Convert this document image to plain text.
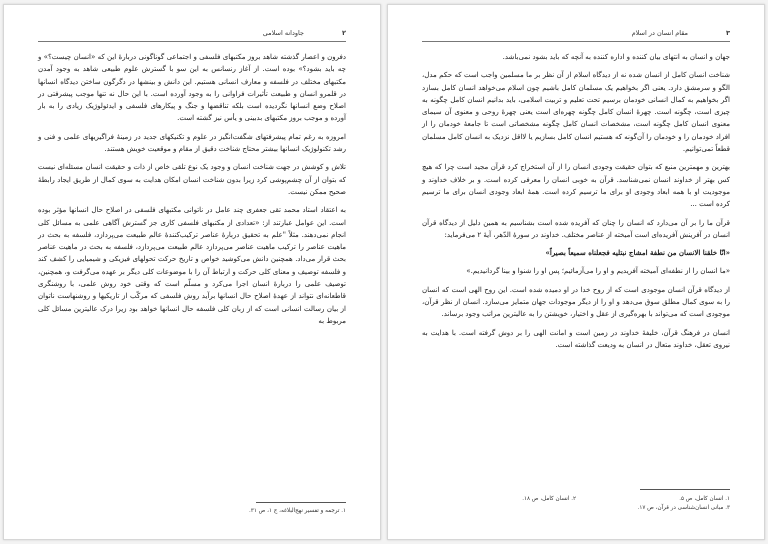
٢
جاودانه اسلامی

دفرون و اعصار گذشته شاهد بروز مکتبهای فلسفی و اجتماعی گوناگونی دربارهٔ این که «انسان چیست؟» و چه باید بشود؟» بوده است. از آغاز رنسانس به این سو با گسترش علوم طبیعی شاهد به وجود آمدن مکتبهای مختلف در فلسفه و معارف انسانی هستیم. این دانش و بینشها در دگرگون ساختن دیدگاه انسانها در قلمرو انسان و طبیعت تأثیرات فراوانی را به وجود آورده است. با این حال نه تنها موجب پیشرفتی در اصلاح وضع انسانها نگردیده است بلکه تناقضها و جنگ و پیکارهای فلسفی و ایدئولوژیک زیادی را به بار آورده و موجب بروز مکتبهای بدبینی و یأس نیز گشته است.

امروزه به رغم تمام پیشرفتهای شگفت‌انگیز در علوم و تکنیکهای جدید در زمینهٔ فراگیریهای علمی و فنی و رشد تکنولوژیک انسانها بیشتر محتاج شناخت دقیق از مقام و موقعیت خویش هستند.

تلاش و کوشش در جهت شناخت انسان و وجود یک نوع تلقی خاص از ذات و حقیقت انسان مسئله‌ای نیست که بتوان از آن چشم‌پوشی کرد زیرا بدون شناخت انسان امکان هدایت به سوی کمال از طریق ایجاد رابطهٔ صحیح ممکن نیست.

به اعتقاد استاد محمد تقی جعفری چند عامل در ناتوانی مکتبهای فلسفی در اصلاح حال انسانها مؤثر بوده است. این عوامل عبارتند از: «تعدادی از مکتبهای فلسفی کاری جز گسترش آگاهی علمی به مسائل کلی انجام نمی‌دهند. مثلاً "علم به تحقیق دربارهٔ عناصر ترکیب‌کنندهٔ عالم طبیعت می‌پردازد، فلسفه به بحث در ماهیت عناصر را ترکیب ماهیت عناصر می‌پردازد عالم طبیعت می‌پردازد، فلسفه به بحث در ماهیت عناصر بحث قرار می‌داد. همچنین دانش می‌کوشید خواص و تاریخ حرکت تحولهای فیزیکی و شیمیایی را کشف کند و فلسفه توصیف و معنای کلی حرکت و ارتباط آن را با موضوعات کلی دیگر بر عهده می‌گرفت و، همچنین، توصیف علمی را دربارهٔ انسان اجرا می‌کرد و مسلّم است که وقتی خود روش علمی، با روشنگری قاطعانه‌ای نتواند از عهدهٔ اصلاح حال انسانها برآید روش فلسفی که مرکّب از تاریکیها و روشنهاست ناتوان از بیان رسالت انسانی است که از زبان کلی فلسفه حال انسانها خواهد بود زیرا درک عالیترین مسائل کلی مربوط به

١. ترجمه و تفسیر نهج‌البلاغه، ج ١، ص ٣١.
٣
مقام انسان در اسلام

جهان و انسان به انتهای بیان کننده و اداره کننده به آنچه که باید بشود نمی‌باشد.

شناخت انسان کامل از انسان شده نه از دیدگاه اسلام از آن نظر بر ما مسلمین واجب است که حکم مدل، الگو و سرمشق دارد. یعنی اگر بخواهیم یک مسلمان کامل باشیم چون اسلام می‌خواهد انسان کامل بسازد اگر بخواهیم به کمال انسانی خودمان برسیم تحت تعلیم و تربیت اسلامی، باید بدانیم انسان کامل چگونه به چیزی است، چگونه است. چهرهٔ انسان کامل چگونه چهره‌ای است یعنی چهرهٔ روحی و معنوی آن سیمای معنوی انسان کامل چگونه است، مشخصات انسان کامل چگونه مشخصاتی است تا جامعهٔ خودمان را از افراد خودمان را و خودمان را آن‌گونه که هستیم انسان کامل بسازیم یا لااقل نزدیک به انسان کامل مسلمان قطعاً تمی‌توانیم.

بهترین و مهمترین منبع که بتوان حقیقت وجودی انسان را از آن استخراج کرد قرآن مجید است چرا که هیچ کس بهتر از خداوند انسان نمی‌شناسد. قرآن به خوبی انسان را معرفی کرده است. و بر خلاف خداوند و موجودیت او با همه ابعاد وجودی او برای ما ترسیم کرده است. همهٔ ابعاد وجودی انسان برای ما ترسیم کرده است ...

قرآن ما را بر آن می‌دارد که انسان را چنان که آفریده شده است بشناسیم به همین دلیل از دیدگاه قرآن انسان در آفرینش آفریده‌ای است آمیخته از عناصر مختلف. خداوند در سورهٔ الدّهر، آیهٔ ٢ می‌فرماید:

«انّا خلقنا الانسان من نطفة امشاج نبتليه فجعلناه سميعاً بصيراً»

«ما انسان را از نطفه‌ای آمیخته آفریدیم و او را می‌آزمائیم؛ پس او را شنوا و بینا گردانیدیم.»

از دیدگاه قرآن انسان موجودی است که از روح خدا در او دمیده شده است. این روح الهی است که انسان را به سوی کمال مطلق سوق می‌دهد و او را از دیگر موجودات جهان متمایز می‌سازد. انسان از نظر قرآن، موجودی است که می‌تواند با بهره‌گیری از عقل و اختیار، خویشتن را به عالیترین مراتب وجود برساند.

انسان در فرهنگ قرآن، خلیفهٔ خداوند در زمین است و امانت الهی را بر دوش گرفته است. با هدایت به نیروی تعقل، خداوند متعال در انسان به ودیعت گذاشته است.

١. انسان کامل، ص ۵.
٢. انسان کامل، ص ١٨.
٣. مبانی انسان‌شناسی در قرآن، ص ١٧.
